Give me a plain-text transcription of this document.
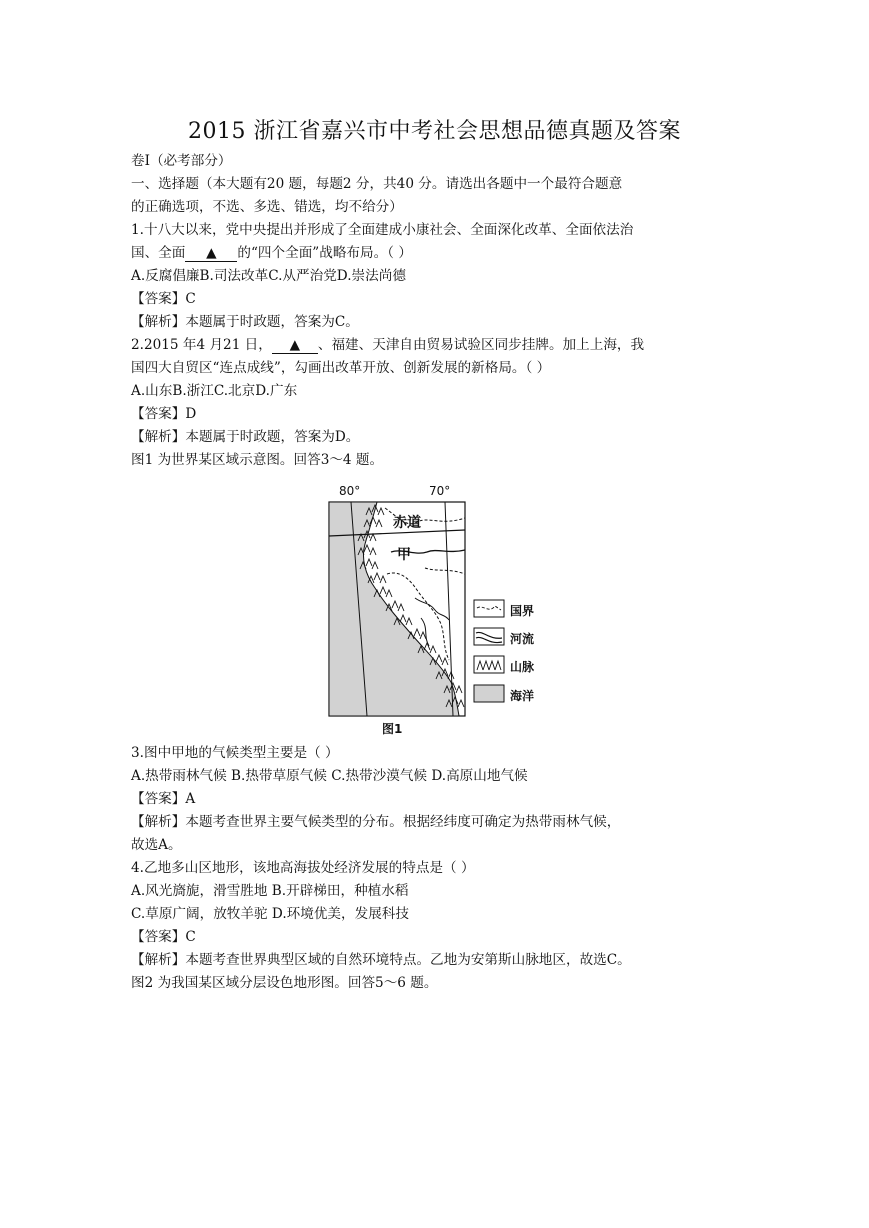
2015 浙江省嘉兴市中考社会思想品德真题及答案
卷Ⅰ（必考部分）
一、选择题（本大题有20 题，每题2 分，共40 分。请选出各题中一个最符合题意
的正确选项，不选、多选、错选，均不给分）
1.十八大以来，党中央提出并形成了全面建成小康社会、全面深化改革、全面依法治
国、全面 ▲ 的“四个全面”战略布局。（ ）
A.反腐倡廉B.司法改革C.从严治党D.崇法尚德
【答案】C
【解析】本题属于时政题，答案为C。
2.2015 年4 月21 日， ▲ 、福建、天津自由贸易试验区同步挂牌。加上上海，我
国四大自贸区“连点成线”，勾画出改革开放、创新发展的新格局。（ ）
A.山东B.浙江C.北京D.广东
【答案】D
【解析】本题属于时政题，答案为D。
图1 为世界某区域示意图。回答3～4 题。
80°	70°
赤道
甲
图1
国界
河流
山脉
海洋
3.图中甲地的气候类型主要是（ ）
A.热带雨林气候 B.热带草原气候 C.热带沙漠气候 D.高原山地气候
【答案】A
【解析】本题考查世界主要气候类型的分布。根据经纬度可确定为热带雨林气候，
故选A。
4.乙地多山区地形，该地高海拔处经济发展的特点是（ ）
A.风光旖旎，滑雪胜地 B.开辟梯田，种植水稻
C.草原广阔，放牧羊驼 D.环境优美，发展科技
【答案】C
【解析】本题考查世界典型区域的自然环境特点。乙地为安第斯山脉地区，故选C。
图2 为我国某区域分层设色地形图。回答5～6 题。
